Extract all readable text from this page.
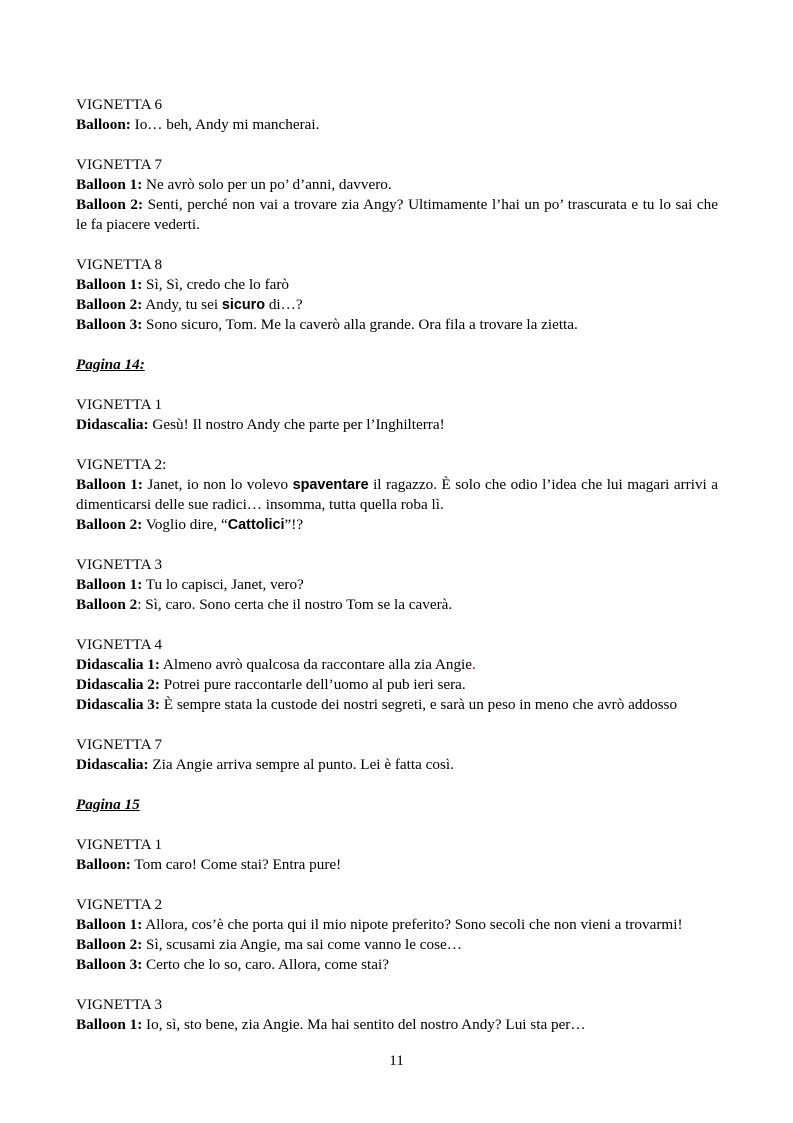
VIGNETTA 6
Balloon: Io… beh, Andy mi mancherai.
VIGNETTA 7
Balloon 1: Ne avrò solo per un po’ d’anni, davvero.
Balloon 2: Senti, perché non vai a trovare zia Angy? Ultimamente l’hai un po’ trascurata e tu lo sai che le fa piacere vederti.
VIGNETTA 8
Balloon 1: Sì, Sì, credo che lo farò
Balloon 2: Andy, tu sei sicuro di…?
Balloon 3: Sono sicuro, Tom. Me la caverò alla grande. Ora fila a trovare la zietta.
Pagina 14:
VIGNETTA 1
Didascalia: Gesù! Il nostro Andy che parte per l’Inghilterra!
VIGNETTA 2:
Balloon 1: Janet, io non lo volevo spaventare il ragazzo. È solo che odio l’idea che lui magari arrivi a dimenticarsi delle sue radici… insomma, tutta quella roba lì.
Balloon 2: Voglio dire, “Cattolici”!?
VIGNETTA 3
Balloon 1: Tu lo capisci, Janet, vero?
Balloon 2: Sì, caro. Sono certa che il nostro Tom se la caverà.
VIGNETTA 4
Didascalia 1: Almeno avrò qualcosa da raccontare alla zia Angie.
Didascalia 2: Potrei pure raccontarle dell’uomo al pub ieri sera.
Didascalia 3: È sempre stata la custode dei nostri segreti, e sarà un peso in meno che avrò addosso
VIGNETTA 7
Didascalia: Zia Angie arriva sempre al punto. Lei è fatta così.
Pagina 15
VIGNETTA 1
Balloon: Tom caro! Come stai? Entra pure!
VIGNETTA 2
Balloon 1: Allora, cos’è che porta qui il mio nipote preferito? Sono secoli che non vieni a trovarmi!
Balloon 2: Sì, scusami zia Angie, ma sai come vanno le cose…
Balloon 3: Certo che lo so, caro. Allora, come stai?
VIGNETTA 3
Balloon 1: Io, sì, sto bene, zia Angie. Ma hai sentito del nostro Andy? Lui sta per…
11
